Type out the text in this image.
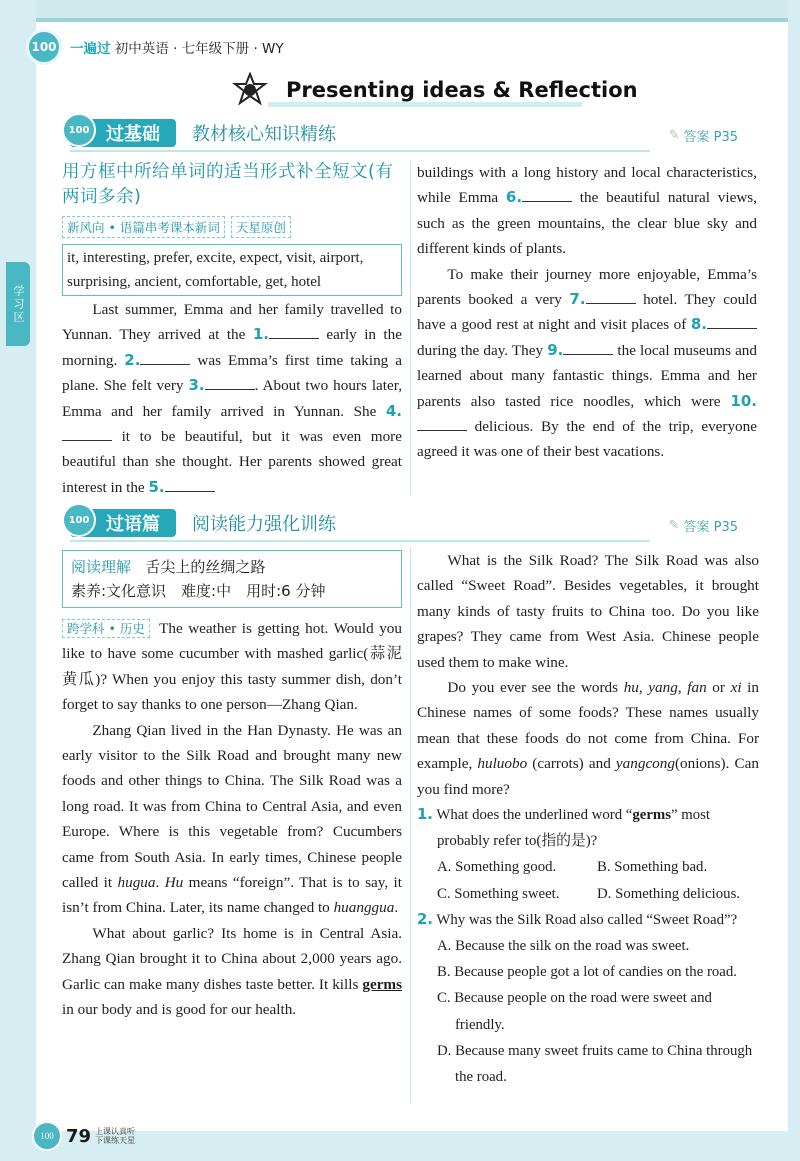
学习区
100 一遍过 初中英语 · 七年级下册 · WY
Presenting ideas & Reflection
100 过基础 教材核心知识精练	✎ 答案 P35
用方框中所给单词的适当形式补全短文(有两词多余)
新风向 • 语篇串考课本新词	天星原创
it, interesting, prefer, excite, expect, visit, airport, surprising, ancient, comfortable, get, hotel
Last summer, Emma and her family travelled to Yunnan. They arrived at the 1.	early in the morning. 2.	was Emma’s first time taking a plane. She felt very 3.	. About two hours later, Emma and her family arrived in Yunnan. She 4. it to be beautiful, but it was even more beautiful than she thought. Her parents showed great interest in the 5.
buildings with a long history and local characteristics, while Emma 6.	the beautiful natural views, such as the green mountains, the clear blue sky and different kinds of plants.
To make their journey more enjoyable, Emma’s parents booked a very 7.	hotel. They could have a good rest at night and visit places of 8. during the day. They 9.	the local museums and learned about many fantastic things. Emma and her parents also tasted rice noodles, which were 10. delicious. By the end of the trip, everyone agreed it was one of their best vacations.
100 过语篇 阅读能力强化训练	✎ 答案 P35
阅读理解 舌尖上的丝绸之路
素养:文化意识　难度:中　用时:6 分钟
跨学科 • 历史 The weather is getting hot. Would you like to have some cucumber with mashed garlic(蒜泥黄瓜)? When you enjoy this tasty summer dish, don’t forget to say thanks to one person—Zhang Qian.
Zhang Qian lived in the Han Dynasty. He was an early visitor to the Silk Road and brought many new foods and other things to China. The Silk Road was a long road. It was from China to Central Asia, and even Europe. Where is this vegetable from? Cucumbers came from South Asia. In early times, Chinese people called it hugua. Hu means “foreign”. That is to say, it isn’t from China. Later, its name changed to huanggua.
What about garlic? Its home is in Central Asia. Zhang Qian brought it to China about 2,000 years ago. Garlic can make many dishes taste better. It kills germs in our body and is good for our health.
What is the Silk Road? The Silk Road was also called “Sweet Road”. Besides vegetables, it brought many kinds of tasty fruits to China too. Do you like grapes? They came from West Asia. Chinese people used them to make wine.
Do you ever see the words hu, yang, fan or xi in Chinese names of some foods? These names usually mean that these foods do not come from China. For example, huluobo (carrots) and yangcong(onions). Can you find more?
1. What does the underlined word “germs” most probably refer to(指的是)?
A. Something good.	B. Something bad.
C. Something sweet.	D. Something delicious.
2. Why was the Silk Road also called “Sweet Road”?
A. Because the silk on the road was sweet.
B. Because people got a lot of candies on the road.
C. Because people on the road were sweet and friendly.
D. Because many sweet fruits came to China through the road.
100 79 上课认真听 下课练天星
